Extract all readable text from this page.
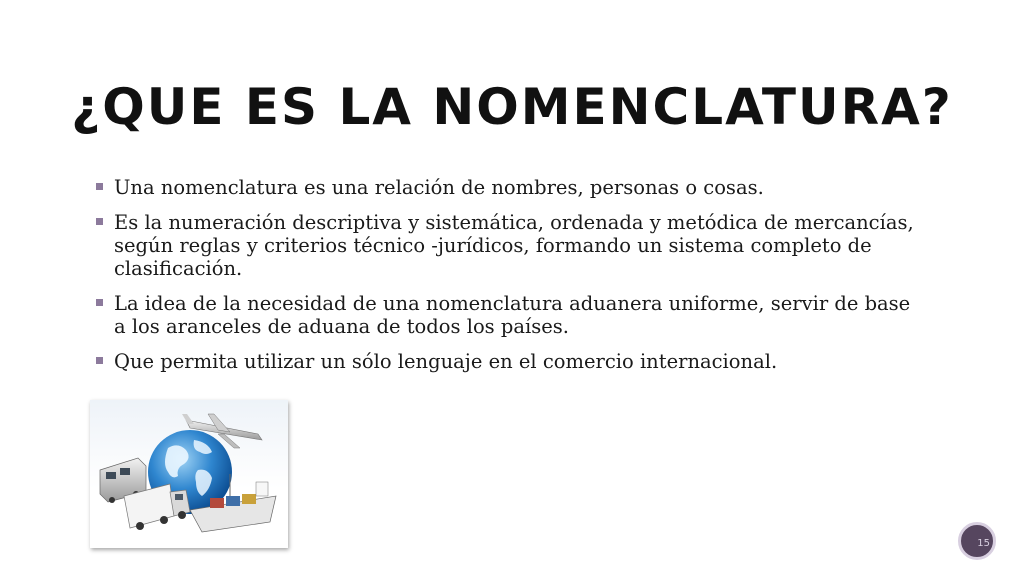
¿QUE ES LA NOMENCLATURA?
Una nomenclatura es una relación de nombres, personas o cosas.
Es la numeración descriptiva y sistemática, ordenada y metódica de mercancías, según reglas y criterios técnico -jurídicos, formando un sistema completo de clasificación.
La idea de la necesidad de una nomenclatura aduanera uniforme, servir de base a los aranceles de aduana de todos los países.
Que permita utilizar un sólo lenguaje en el comercio internacional.
15
